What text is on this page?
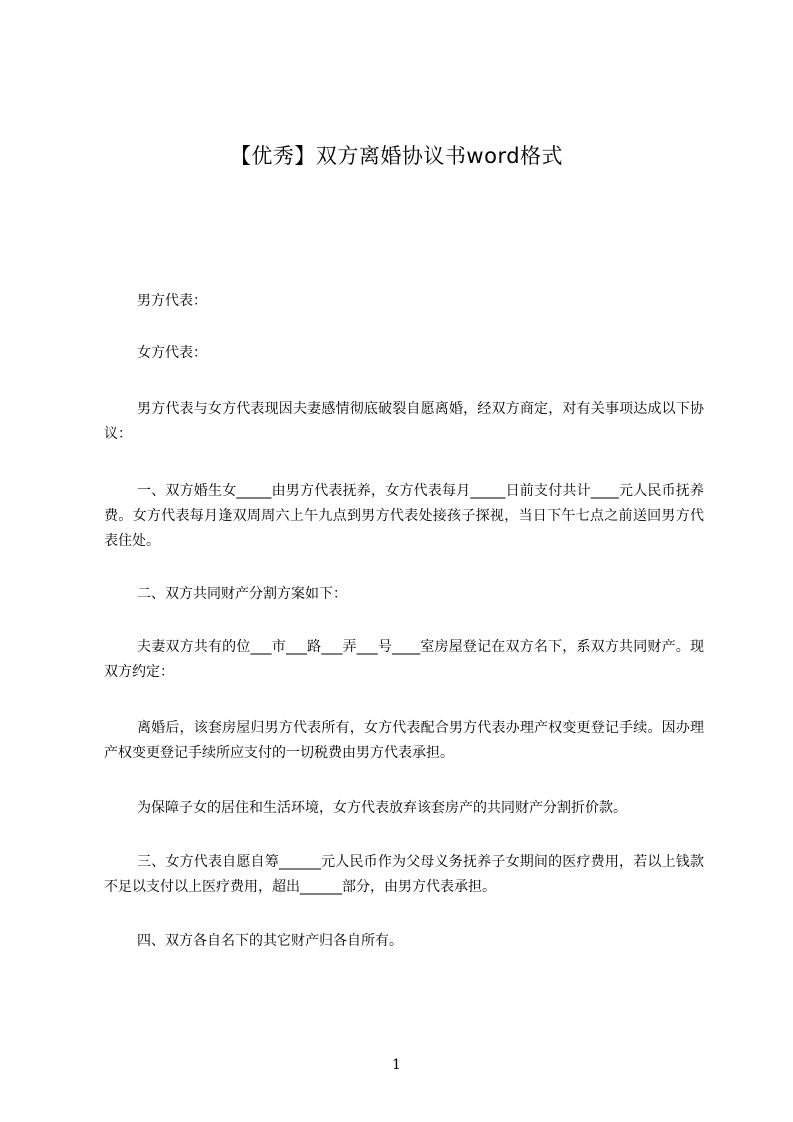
【优秀】双方离婚协议书word格式

男方代表：

女方代表：

男方代表与女方代表现因夫妻感情彻底破裂自愿离婚，经双方商定，对有关事项达成以下协议：

一、双方婚生女_____由男方代表抚养，女方代表每月_____日前支付共计____元人民币抚养费。女方代表每月逢双周周六上午九点到男方代表处接孩子探视，当日下午七点之前送回男方代表住处。

二、双方共同财产分割方案如下：

夫妻双方共有的位___市___路___弄___号____室房屋登记在双方名下，系双方共同财产。现双方约定：

离婚后，该套房屋归男方代表所有，女方代表配合男方代表办理产权变更登记手续。因办理产权变更登记手续所应支付的一切税费由男方代表承担。

为保障子女的居住和生活环境，女方代表放弃该套房产的共同财产分割折价款。

三、女方代表自愿自筹______元人民币作为父母义务抚养子女期间的医疗费用，若以上钱款不足以支付以上医疗费用，超出______部分，由男方代表承担。

四、双方各自名下的其它财产归各自所有。

1
